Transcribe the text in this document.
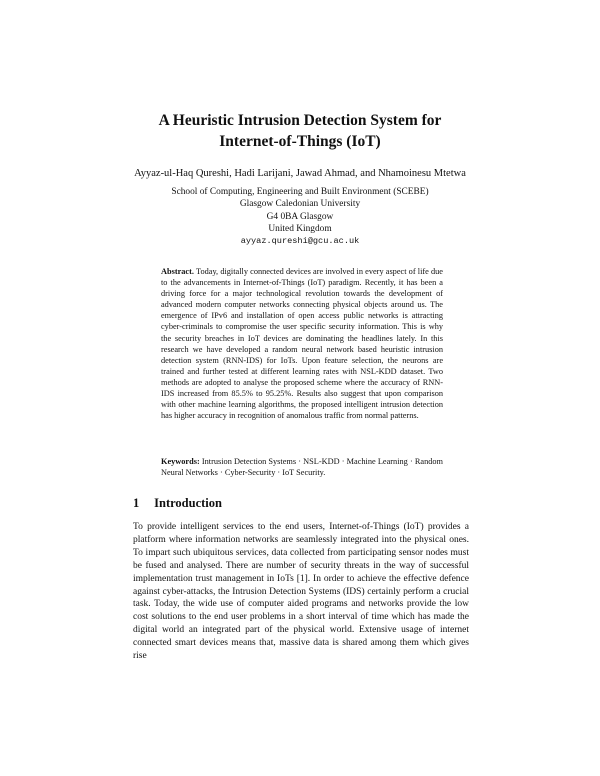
A Heuristic Intrusion Detection System for
Internet-of-Things (IoT)
Ayyaz-ul-Haq Qureshi, Hadi Larijani, Jawad Ahmad, and Nhamoinesu Mtetwa
School of Computing, Engineering and Built Environment (SCEBE)
Glasgow Caledonian University
G4 0BA Glasgow
United Kingdom
ayyaz.qureshi@gcu.ac.uk
Abstract. Today, digitally connected devices are involved in every aspect of life due to the advancements in Internet-of-Things (IoT) paradigm. Recently, it has been a driving force for a major technological revolution towards the development of advanced modern computer networks connecting physical objects around us. The emergence of IPv6 and installation of open access public networks is attracting cyber-criminals to compromise the user specific security information. This is why the security breaches in IoT devices are dominating the headlines lately. In this research we have developed a random neural network based heuristic intrusion detection system (RNN-IDS) for IoTs. Upon feature selection, the neurons are trained and further tested at different learning rates with NSL-KDD dataset. Two methods are adopted to analyse the proposed scheme where the accuracy of RNN-IDS increased from 85.5% to 95.25%. Results also suggest that upon comparison with other machine learning algorithms, the proposed intelligent intrusion detection has higher accuracy in recognition of anomalous traffic from normal patterns.
Keywords: Intrusion Detection Systems · NSL-KDD · Machine Learning · Random Neural Networks · Cyber-Security · IoT Security.
1 Introduction
To provide intelligent services to the end users, Internet-of-Things (IoT) provides a platform where information networks are seamlessly integrated into the physical ones. To impart such ubiquitous services, data collected from participating sensor nodes must be fused and analysed. There are number of security threats in the way of successful implementation trust management in IoTs [1]. In order to achieve the effective defence against cyber-attacks, the Intrusion Detection Systems (IDS) certainly perform a crucial task. Today, the wide use of computer aided programs and networks provide the low cost solutions to the end user problems in a short interval of time which has made the digital world an integrated part of the physical world. Extensive usage of internet connected smart devices means that, massive data is shared among them which gives rise
